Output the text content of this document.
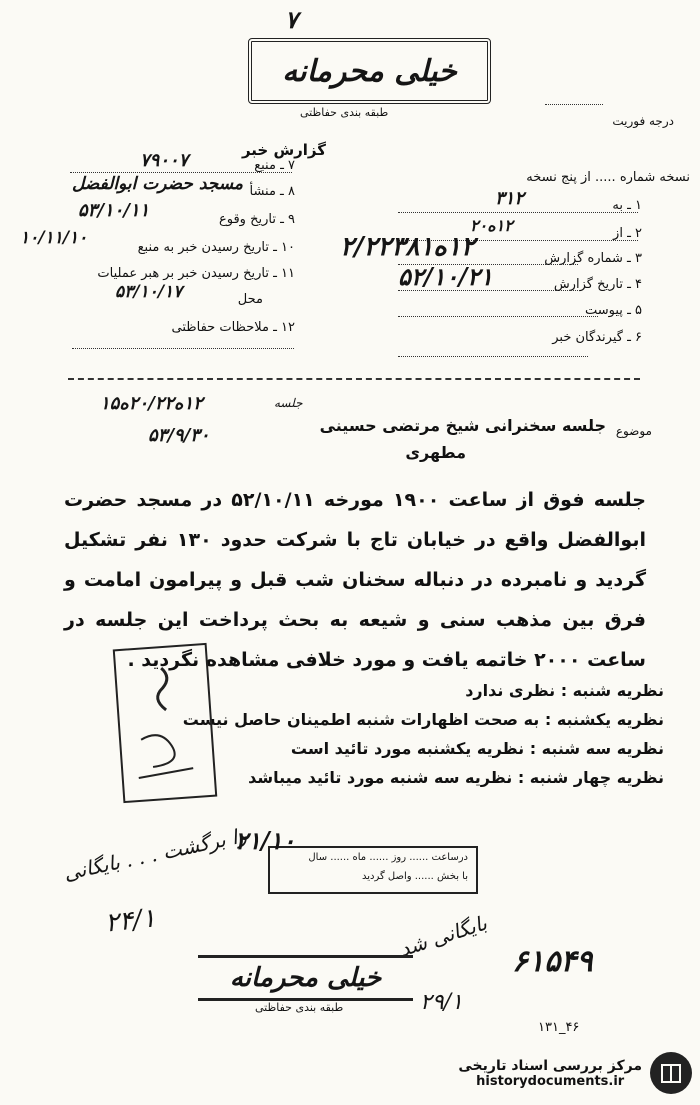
۷
خیلی محرمانه
طبقه بندی حفاظتی
درجه فوریت
گزارش خبر
نسخه شماره ..... از پنج نسخه
۱ ـ به
۳۱۲
۲ ـ از
۱۲ه۲۰
۳ ـ شماره گزارش
۱۲ه۲/۲۲۳۸۱
۴ ـ تاریخ گزارش
۵۲/۱۰/۲۱
۵ ـ پیوست
۶ ـ گیرندگان خبر
۷ ـ منبع
۷۹۰۰۷
۸ ـ منشأ
مسجد حضرت ابوالفضل
۹ ـ تاریخ وقوع
۵۳/۱۰/۱۱
۱۰ ـ تاریخ رسیدن خبر به منبع
۱۰/۱۱/۱۰
۱۱ ـ تاریخ رسیدن خبر بر هبر عملیات
محل
۵۳/۱۰/۱۷
۱۲ ـ ملاحظات حفاظتی
۱۲ه۲۰/۲۲ه۱۵
۵۳/۹/۳۰
جلسه
موضوع
جلسه سخنرانی شیخ مرتضی حسینی
مطهری
جلسه فوق از ساعت ۱۹۰۰ مورخه ۵۲/۱۰/۱۱ در مسجد حضرت ابوالفضل واقع در خیابان تاج با شرکت حدود ۱۳۰ نفر تشکیل گردید و نامبرده در دنباله سخنان شب قبل و پیرامون امامت و فرق بین مذهب سنی و شیعه به بحث پرداخت این جلسه در ساعت ۲۰۰۰ خاتمه یافت و مورد خلافی مشاهده نگردید .
نظریه شنبه : نظری ندارد
نظریه یکشنبه : به صحت اظهارات شنبه اطمینان حاصل نیست
نظریه سه شنبه : نظریه یکشنبه مورد تائید است
نظریه چهار شنبه : نظریه سه شنبه مورد تائید میباشد
درساعت ...... روز ...... ماه ...... سال
با بخش ...... واصل گردید
۲۱/۱۰
را برگشت . . . بایگانی
۲۴/۱	بایگانی شد
۶۱۵۴۹
۲۹/۱
خیلی محرمانه
طبقه بندی حفاظتی
۴۶_۱۳۱
مرکز بررسی اسناد تاریخی
historydocuments.ir
